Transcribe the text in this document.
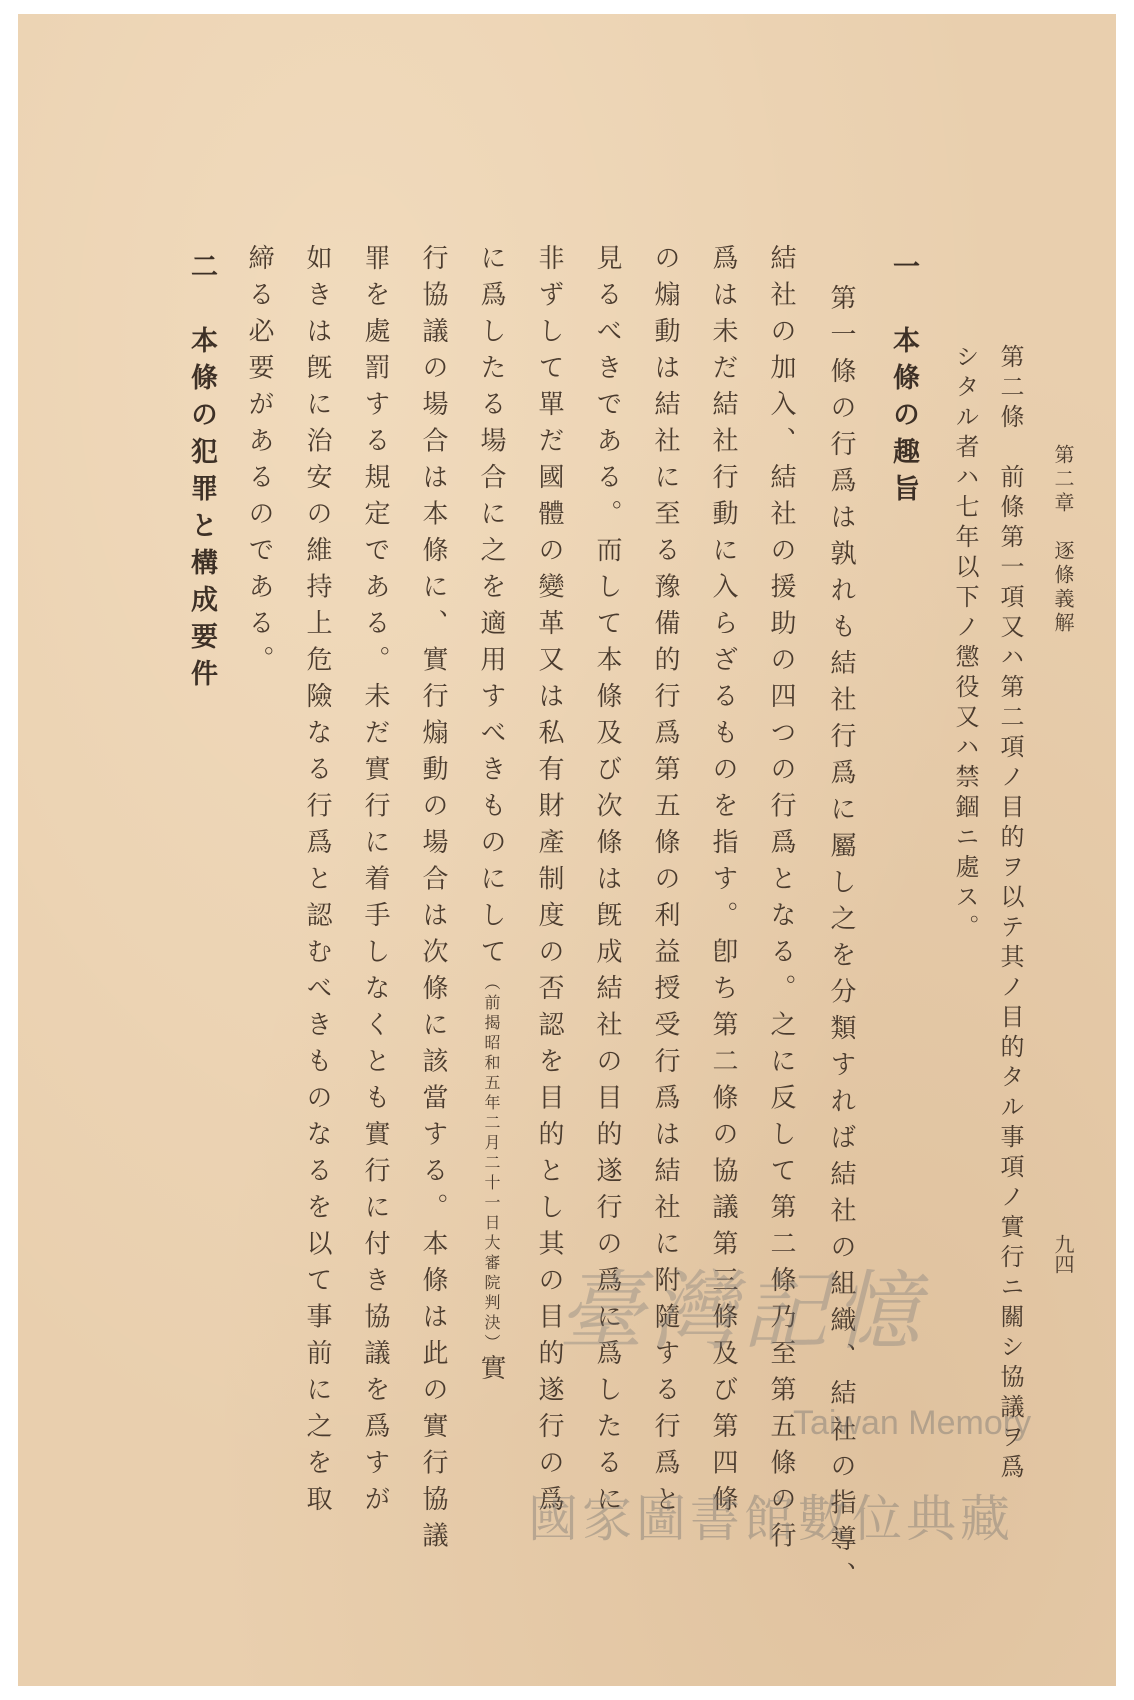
第二章　逐條義解
九四
第二條　前條第一項又ハ第二項ノ目的ヲ以テ其ノ目的タル事項ノ實行ニ關シ協議ヲ爲
シタル者ハ七年以下ノ懲役又ハ禁錮ニ處ス。
一　本條の趣旨
第一條の行爲は孰れも結社行爲に屬し之を分類すれば結社の組織、結社の指導、
結社の加入、結社の援助の四つの行爲となる。之に反して第二條乃至第五條の行
爲は未だ結社行動に入らざるものを指す。卽ち第二條の協議第三條及び第四條
の煽動は結社に至る豫備的行爲第五條の利益授受行爲は結社に附隨する行爲と
見るべきである。而して本條及び次條は旣成結社の目的遂行の爲に爲したるに
非ずして單だ國體の變革又は私有財產制度の否認を目的とし其の目的遂行の爲
に爲したる場合に之を適用すべきものにして（前揭昭和五年二月二十一日大審院判決）實
行協議の場合は本條に、實行煽動の場合は次條に該當する。本條は此の實行協議
罪を處罰する規定である。未だ實行に着手しなくとも實行に付き協議を爲すが
如きは旣に治安の維持上危險なる行爲と認むべきものなるを以て事前に之を取
締る必要があるのである。
二　本條の犯罪と構成要件
臺灣記憶
Taiwan Memory
國家圖書館數位典藏
